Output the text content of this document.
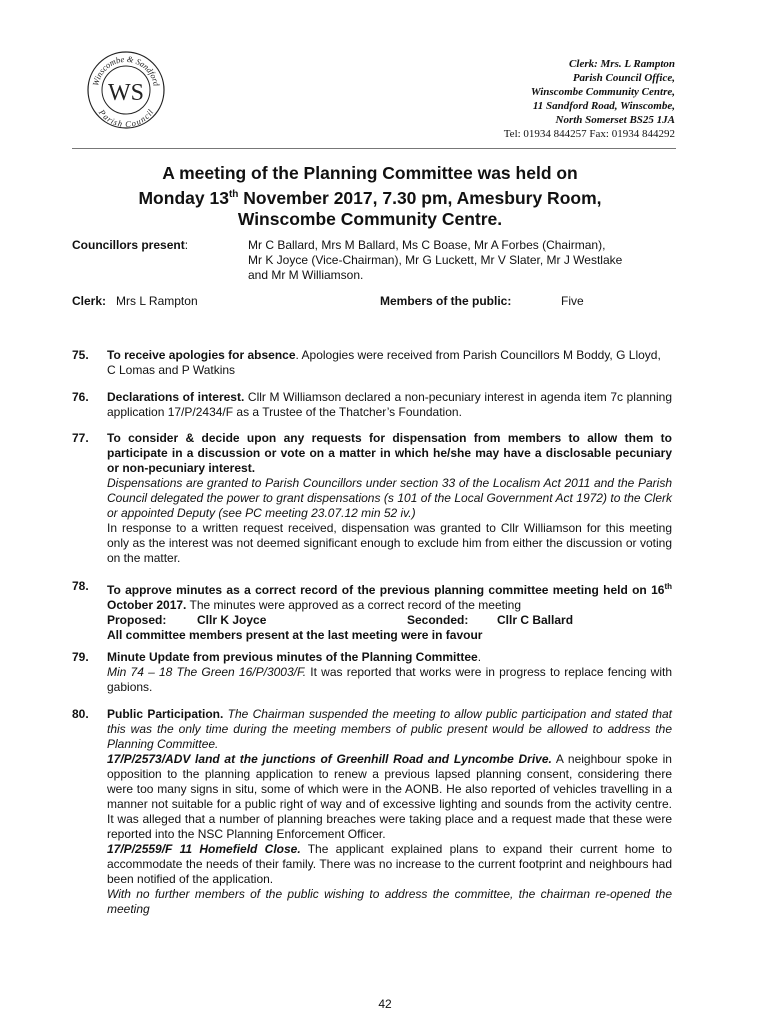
Winscombe & Sandford
Parish Council
WS
Clerk: Mrs. L Rampton
Parish Council Office,
Winscombe Community Centre,
11 Sandford Road, Winscombe,
North Somerset BS25 1JA
Tel: 01934 844257 Fax: 01934 844292
A meeting of the Planning Committee was held on
Monday 13th November 2017, 7.30 pm, Amesbury Room,
Winscombe Community Centre.
Councillors present:	Mr C Ballard, Mrs M Ballard, Ms C Boase, Mr A Forbes (Chairman),
Mr K Joyce (Vice-Chairman), Mr G Luckett, Mr V Slater, Mr J Westlake
and Mr M Williamson.
Clerk: Mrs L Rampton	Members of the public:	Five
75. To receive apologies for absence. Apologies were received from Parish Councillors M Boddy, G Lloyd, C Lomas and P Watkins
76. Declarations of interest. Cllr M Williamson declared a non-pecuniary interest in agenda item 7c planning application 17/P/2434/F as a Trustee of the Thatcher’s Foundation.
77. To consider & decide upon any requests for dispensation from members to allow them to participate in a discussion or vote on a matter in which he/she may have a disclosable pecuniary or non-pecuniary interest.
Dispensations are granted to Parish Councillors under section 33 of the Localism Act 2011 and the Parish Council delegated the power to grant dispensations (s 101 of the Local Government Act 1972) to the Clerk or appointed Deputy (see PC meeting 23.07.12 min 52 iv.)
In response to a written request received, dispensation was granted to Cllr Williamson for this meeting only as the interest was not deemed significant enough to exclude him from either the discussion or voting on the matter.
78. To approve minutes as a correct record of the previous planning committee meeting held on 16th October 2017. The minutes were approved as a correct record of the meeting
Proposed:	Cllr K Joyce	Seconded: Cllr C Ballard
All committee members present at the last meeting were in favour
79. Minute Update from previous minutes of the Planning Committee.
Min 74 – 18 The Green 16/P/3003/F. It was reported that works were in progress to replace fencing with gabions.
80. Public Participation. The Chairman suspended the meeting to allow public participation and stated that this was the only time during the meeting members of public present would be allowed to address the Planning Committee.
17/P/2573/ADV land at the junctions of Greenhill Road and Lyncombe Drive. A neighbour spoke in opposition to the planning application to renew a previous lapsed planning consent, considering there were too many signs in situ, some of which were in the AONB. He also reported of vehicles travelling in a manner not suitable for a public right of way and of excessive lighting and sounds from the activity centre. It was alleged that a number of planning breaches were taking place and a request made that these were reported into the NSC Planning Enforcement Officer.
17/P/2559/F 11 Homefield Close. The applicant explained plans to expand their current home to accommodate the needs of their family. There was no increase to the current footprint and neighbours had been notified of the application.
With no further members of the public wishing to address the committee, the chairman re-opened the meeting
42
